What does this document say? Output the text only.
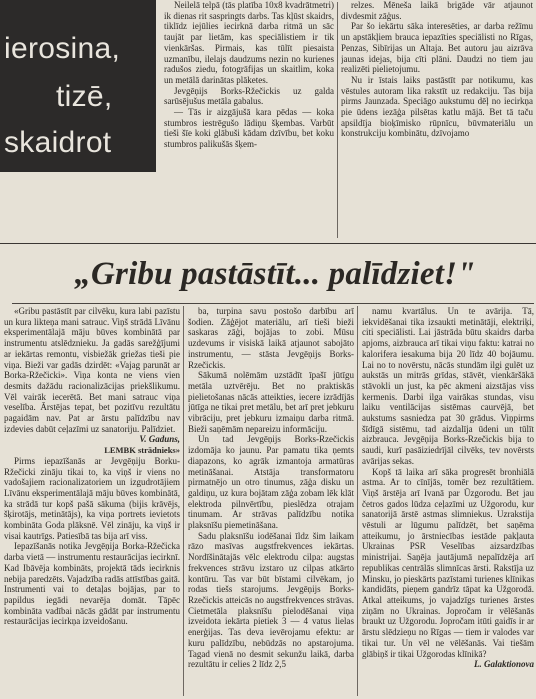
ierosina,
tizē,
skaidrot

Neilelā telpā (tās platība 10x8 kvadrātmetri) ik dienas rit saspringts darbs. Tas kļūst skaidrs, tiklīdz iejūlies iecirknā darba ritmā un sāc taujāt par lietām, kas speciālistiem ir tik vienkāršas. Pirmais, kas tūlīt piesaista uzmanību, ilelajs daudzums nezin no kurienes radušos ziedu, fotogrāfijas un skaitlim, koka un metālā darinātas plāketes.

Jevgēņijs Borks-Ržečickis uz galda sarūsējušus metāla gabalus.

— Tās ir aizgājušā kara pēdas — koka stumbros iestrēgušo lādiņu šķembas. Varbūt tieši šīe koki glābuši kādam dzīvību, bet koku stumbros palikušās šķem-

relzes. Mēneša laikā brigāde vār atjaunot divdesmit zāģus.

Par šo iekārtu sāka interesēties, ar darba režīmu un apstākļiem brauca iepazīties speciālisti no Rīgas, Penzas, Sibīrijas un Altaja. Bet autoru jau aizrāva jaunas idejas, bija cīti plāni. Daudzi no tiem jau realizēti pielietojumu.

Nu ir īstais laiks pastāstīt par notikumu, kas vēstules autoram lika rakstīt uz redakciju. Tas bija pirms Jaunzada. Speciāgo aukstumu dēļ no iecirkņa pie ūdens iezāģa pilsētas katlu mājā. Bet tā taču apsildīja bioķīmisko rūpnīcu, būvmateriālu un konstrukciju kombinātu, dzīvojamo

„Gribu pastāstīt... palīdziet!"

«Gribu pastāstīt par cilvēku, kura labi pazīstu un kura likteņa mani satrauc. Viņš strādā Līvānu eksperimentālajā māju būves kombinātā par instrumentu atslēdznieku. Ja gadās sarežģījumi ar iekārtas remontu, visbiežāk griežas tieši pie viņa. Bieži var gadās dzirdēt: «Vajag parunāt ar Borka-Ržečicki». Viņa konta ne viens vien desmits dažādu racionalizācijas priekšlikumu. Vēl vairāk iecerētā. Bet mani satrauc viņa veselība. Ārstējas tepat, bet pozitīvu rezultātu pagaidām nav. Pat ar ārstu palīdzību nav izdevies dabūt ceļazīmi uz sanatoriju. Palīdziet.

V. Gaduns,

LEMBK strādnieks»

Pirms iepazīšanās ar Jevgēņiju Borku-Ržečicki zināju tikai to, ka viņš ir viens no vadošajiem racionalizatoriem un izgudrotājiem Līvānu eksperimentālajā māju būves kombinātā, ka strādā tur kopš pašā sākuma (bijis krāvējs, šķirotājs, metinātājs), ka viņa portrets ievietots kombināta Goda plāksnē. Vēl zināju, ka viņš ir visai kautrīgs. Patiesībā tas bija arī viss.

Iepazīšanās notika Jevgēņija Borka-Ržečicka darba vietā — instrumentu restaurācijas iecirknī. Kad Ibāvēja kombināts, projektā tāds iecirknis nebija paredzēts. Vajadzība radās attīstības gaitā. Instrumenti vai to detaļas bojājas, par to papildus iegādi nevarēja domāt. Tāpēc kombināta vadībai nācās gādāt par instrumentu restaurācijas iecirkņa izveidošanu.

ba, turpina savu postošo darbību arī šodien. Zāģējot materiālu, arī tieši bieži saskaras zāģi, bojājas to zobi. Mūsu uzdevums ir visiskā laikā atjaunot sabojāto instrumentu, — stāsta Jevgēņijs Borks-Rzečickis.

Sākumā nolēmām uzstādīt īpašī jūtīgu metāla uztvērēju. Bet no praktiskās pielietošanas nācās atteikties, iecere izrādījās jūtīga ne tikai pret metālu, bet arī pret jebkuru vibrāciju, pret jebkuru izmaiņu darba ritmā. Bieži saņēmām nepareizu informāciju.

Un tad Jevgēņijs Borks-Rzečickis izdomāja ko jaunu. Par pamatu tika ņemts diapazons, ko agrāk izmantoja armatūras metināšanai. Atstāja transformatoru pirmatnējo un otro tinumus, zāģa disku un galdiņu, uz kura bojātam zāģa zobam lēk klāt elektroda pilnvērtību, pieslēdza otrajam tinumam. Ar strāvas palīdzību notika plaksnīšu piemetināšana.

Sadu plaksnīšu iodēšanai īldz šim laikam rāzo masīvas augstfrekvences iekārtas. Nordīšinātajās vēlc elektrodu cilpa: augstas frekvences strāvu izstaro uz cilpas atkārto kontūru. Tas var būt bīstami cilvēkam, jo rodas tiešs starojums. Jevgēņijs Borks-Rzečickis atteicās no augstfrekvences strāvas. Cietmetāla plaksnīšu pielodēšanai viņa izveidota iekārta pietiek 3 — 4 vatus lielas enerģijas. Tas deva ievērojamu efektu: ar kuru palīdzību, nebūdzās no apstarojuma. Tagad vienā no desmit sekunžu laikā, darba rezultātu ir celies 2 līdz 2,5

namu kvartālus. Un te avārija. Tā, iekvidēšanai tika izsaukti metinātāji, elektriķi, citi speciālisti. Lai jāstrāda būtu skaidrs darba apjoms, aizbrauca arī tikai viņu faktu: katrai no kalorifera iesakuma bija 20 līdz 40 bojāumu. Lai no to novērstu, nācās stundām ilgi gulēt uz aukstās un mitrās grīdas, stāvēt, vienkāršākā stāvokli un just, ka pēc akmeni aizstājas viss kermenis. Darbi ilga vairākas stundas, visu laiku ventilācijas sistēmas caurvējā, bet aukstums sasniedza pat 30 grādus. Viņpirms šīdīgā sistēmu, tad aizdalīja ūdeni un tūlīt aizbrauca. Jevgēņija Borks-Rzečickis bija to saudi, kurī pasāiziedrījāl cilvēks, tev novērsts avārijas sekas.

Kopš tā laika arī sāka progresēt bronhiālā astma. Ar to cīnījās, tomēr bez rezultātiem. Viņš ārstēja arī Ivanā par Ūzgorodu. Bet jau četros gados lūdza ceļazīmi uz Užgorodu, kur sanatorijā ārstē astmas slimniekus. Uzrakstija vēstuli ar lūgumu palīdzēt, bet saņēma atteikumu, jo ārstniecības iestāde pakļauta Ukrainas PSR Veselības aizsardzības ministrijai. Saņēja jautājumā nepalīdzēja arī republikas centrālās slimnīcas ārsti. Rakstīja uz Minsku, jo pieskārts pazīstami turienes klīnikas kandidāts, pieņem gandrīz tāpat ka Užgorodā. Atkal atteikums, jo vajadzīgs turienes ārstes ziņām no Ukrainas. Jopročam ir vēlēšanās braukt uz Užgorodu. Jopročam itūti gaidīs ir ar ārstu slēdzieņu no Rīgas — tiem ir valodes var tikai tur. Un vēl ne vēlēšanās. Vai tiešām glābiņš ir tikai Užgorodas klīnikā?

L. Galaktionova
